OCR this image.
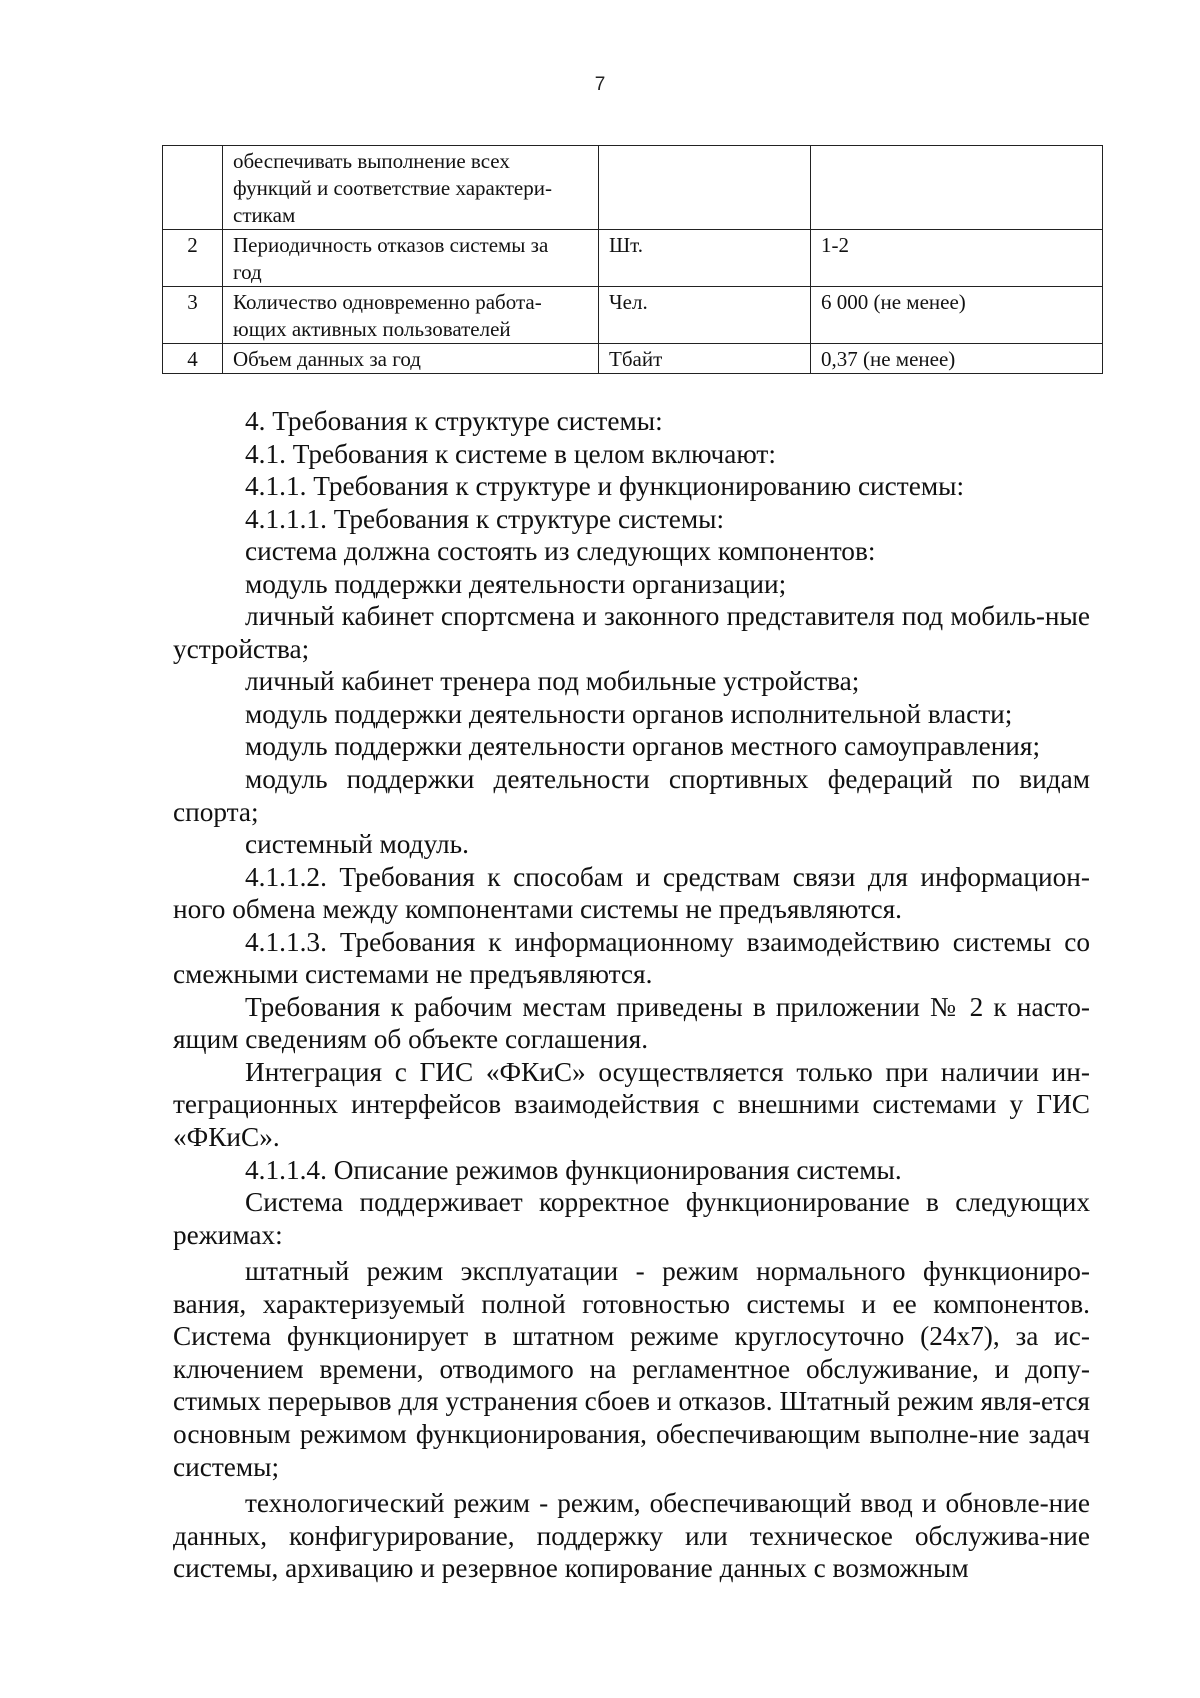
7

	обеспечивать выполнение всех
функций и соответствие характери-
стикам		

2	Периодичность отказов системы за
год	Шт.	1-2
3	Количество одновременно работа-
ющих активных пользователей	Чел.	6 000 (не менее)
4	Объем данных за год	Тбайт	0,37 (не менее)

4. Требования к структуре системы:

4.1. Требования к системе в целом включают:

4.1.1. Требования к структуре и функционированию системы:

4.1.1.1. Требования к структуре системы:

система должна состоять из следующих компонентов:

модуль поддержки деятельности организации;

личный кабинет спортсмена и законного представителя под мобиль-ные устройства;

личный кабинет тренера под мобильные устройства;

модуль поддержки деятельности органов исполнительной власти;

модуль поддержки деятельности органов местного самоуправления;

модуль поддержки деятельности спортивных федераций по видам спорта;

системный модуль.

4.1.1.2. Требования к способам и средствам связи для информацион-ного обмена между компонентами системы не предъявляются.

4.1.1.3. Требования к информационному взаимодействию системы со смежными системами не предъявляются.

Требования к рабочим местам приведены в приложении № 2 к насто-ящим сведениям об объекте соглашения.

Интеграция с ГИС «ФКиС» осуществляется только при наличии ин-теграционных интерфейсов взаимодействия с внешними системами у ГИС «ФКиС».

4.1.1.4. Описание режимов функционирования системы.

Система поддерживает корректное функционирование в следующих режимах:

штатный режим эксплуатации - режим нормального функциониро-вания, характеризуемый полной готовностью системы и ее компонентов. Система функционирует в штатном режиме круглосуточно (24х7), за ис-ключением времени, отводимого на регламентное обслуживание, и допу-стимых перерывов для устранения сбоев и отказов. Штатный режим явля-ется основным режимом функционирования, обеспечивающим выполне-ние задач системы;

технологический режим - режим, обеспечивающий ввод и обновле-ние данных, конфигурирование, поддержку или техническое обслужива-ние системы, архивацию и резервное копирование данных с возможным
